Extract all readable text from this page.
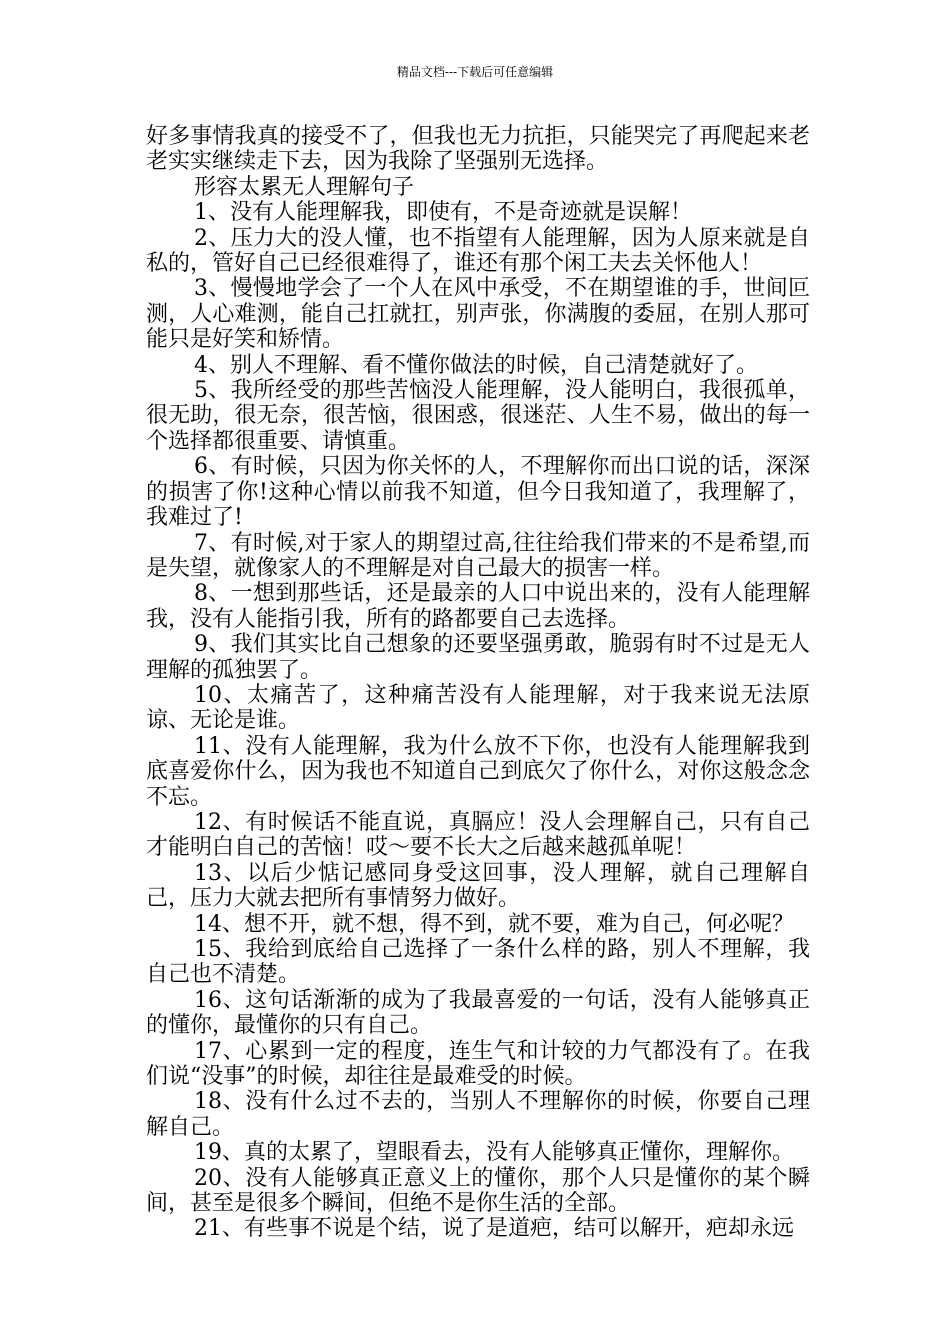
精品文档---下载后可任意编辑

好多事情我真的接受不了，但我也无力抗拒，只能哭完了再爬起来老老实实继续走下去，因为我除了坚强别无选择。

形容太累无人理解句子

1、没有人能理解我，即使有，不是奇迹就是误解！

2、压力大的没人懂，也不指望有人能理解，因为人原来就是自私的，管好自己已经很难得了，谁还有那个闲工夫去关怀他人！

3、慢慢地学会了一个人在风中承受，不在期望谁的手，世间叵测，人心难测，能自己扛就扛，别声张，你满腹的委屈，在别人那可能只是好笑和矫情。

4、别人不理解、看不懂你做法的时候，自己清楚就好了。

5、我所经受的那些苦恼没人能理解，没人能明白，我很孤单，很无助，很无奈，很苦恼，很困惑，很迷茫、人生不易，做出的每一个选择都很重要、请慎重。

6、有时候，只因为你关怀的人，不理解你而出口说的话，深深的损害了你!这种心情以前我不知道，但今日我知道了，我理解了，我难过了!

7、有时候,对于家人的期望过高,往往给我们带来的不是希望,而是失望，就像家人的不理解是对自己最大的损害一样。

8、一想到那些话，还是最亲的人口中说出来的，没有人能理解我，没有人能指引我，所有的路都要自己去选择。

9、我们其实比自己想象的还要坚强勇敢，脆弱有时不过是无人理解的孤独罢了。

10、太痛苦了，这种痛苦没有人能理解，对于我来说无法原谅、无论是谁。

11、没有人能理解，我为什么放不下你，也没有人能理解我到底喜爱你什么，因为我也不知道自己到底欠了你什么，对你这般念念不忘。

12、有时候话不能直说，真膈应！没人会理解自己，只有自己才能明白自己的苦恼！哎～要不长大之后越来越孤单呢！

13、以后少惦记感同身受这回事，没人理解，就自己理解自己，压力大就去把所有事情努力做好。

14、想不开，就不想，得不到，就不要，难为自己，何必呢？

15、我给到底给自己选择了一条什么样的路，别人不理解，我自己也不清楚。

16、这句话渐渐的成为了我最喜爱的一句话，没有人能够真正的懂你，最懂你的只有自己。

17、心累到一定的程度，连生气和计较的力气都没有了。在我们说“没事”的时候，却往往是最难受的时候。

18、没有什么过不去的，当别人不理解你的时候，你要自己理解自己。

19、真的太累了，望眼看去，没有人能够真正懂你，理解你。

20、没有人能够真正意义上的懂你，那个人只是懂你的某个瞬间，甚至是很多个瞬间，但绝不是你生活的全部。

21、有些事不说是个结，说了是道疤，结可以解开，疤却永远
